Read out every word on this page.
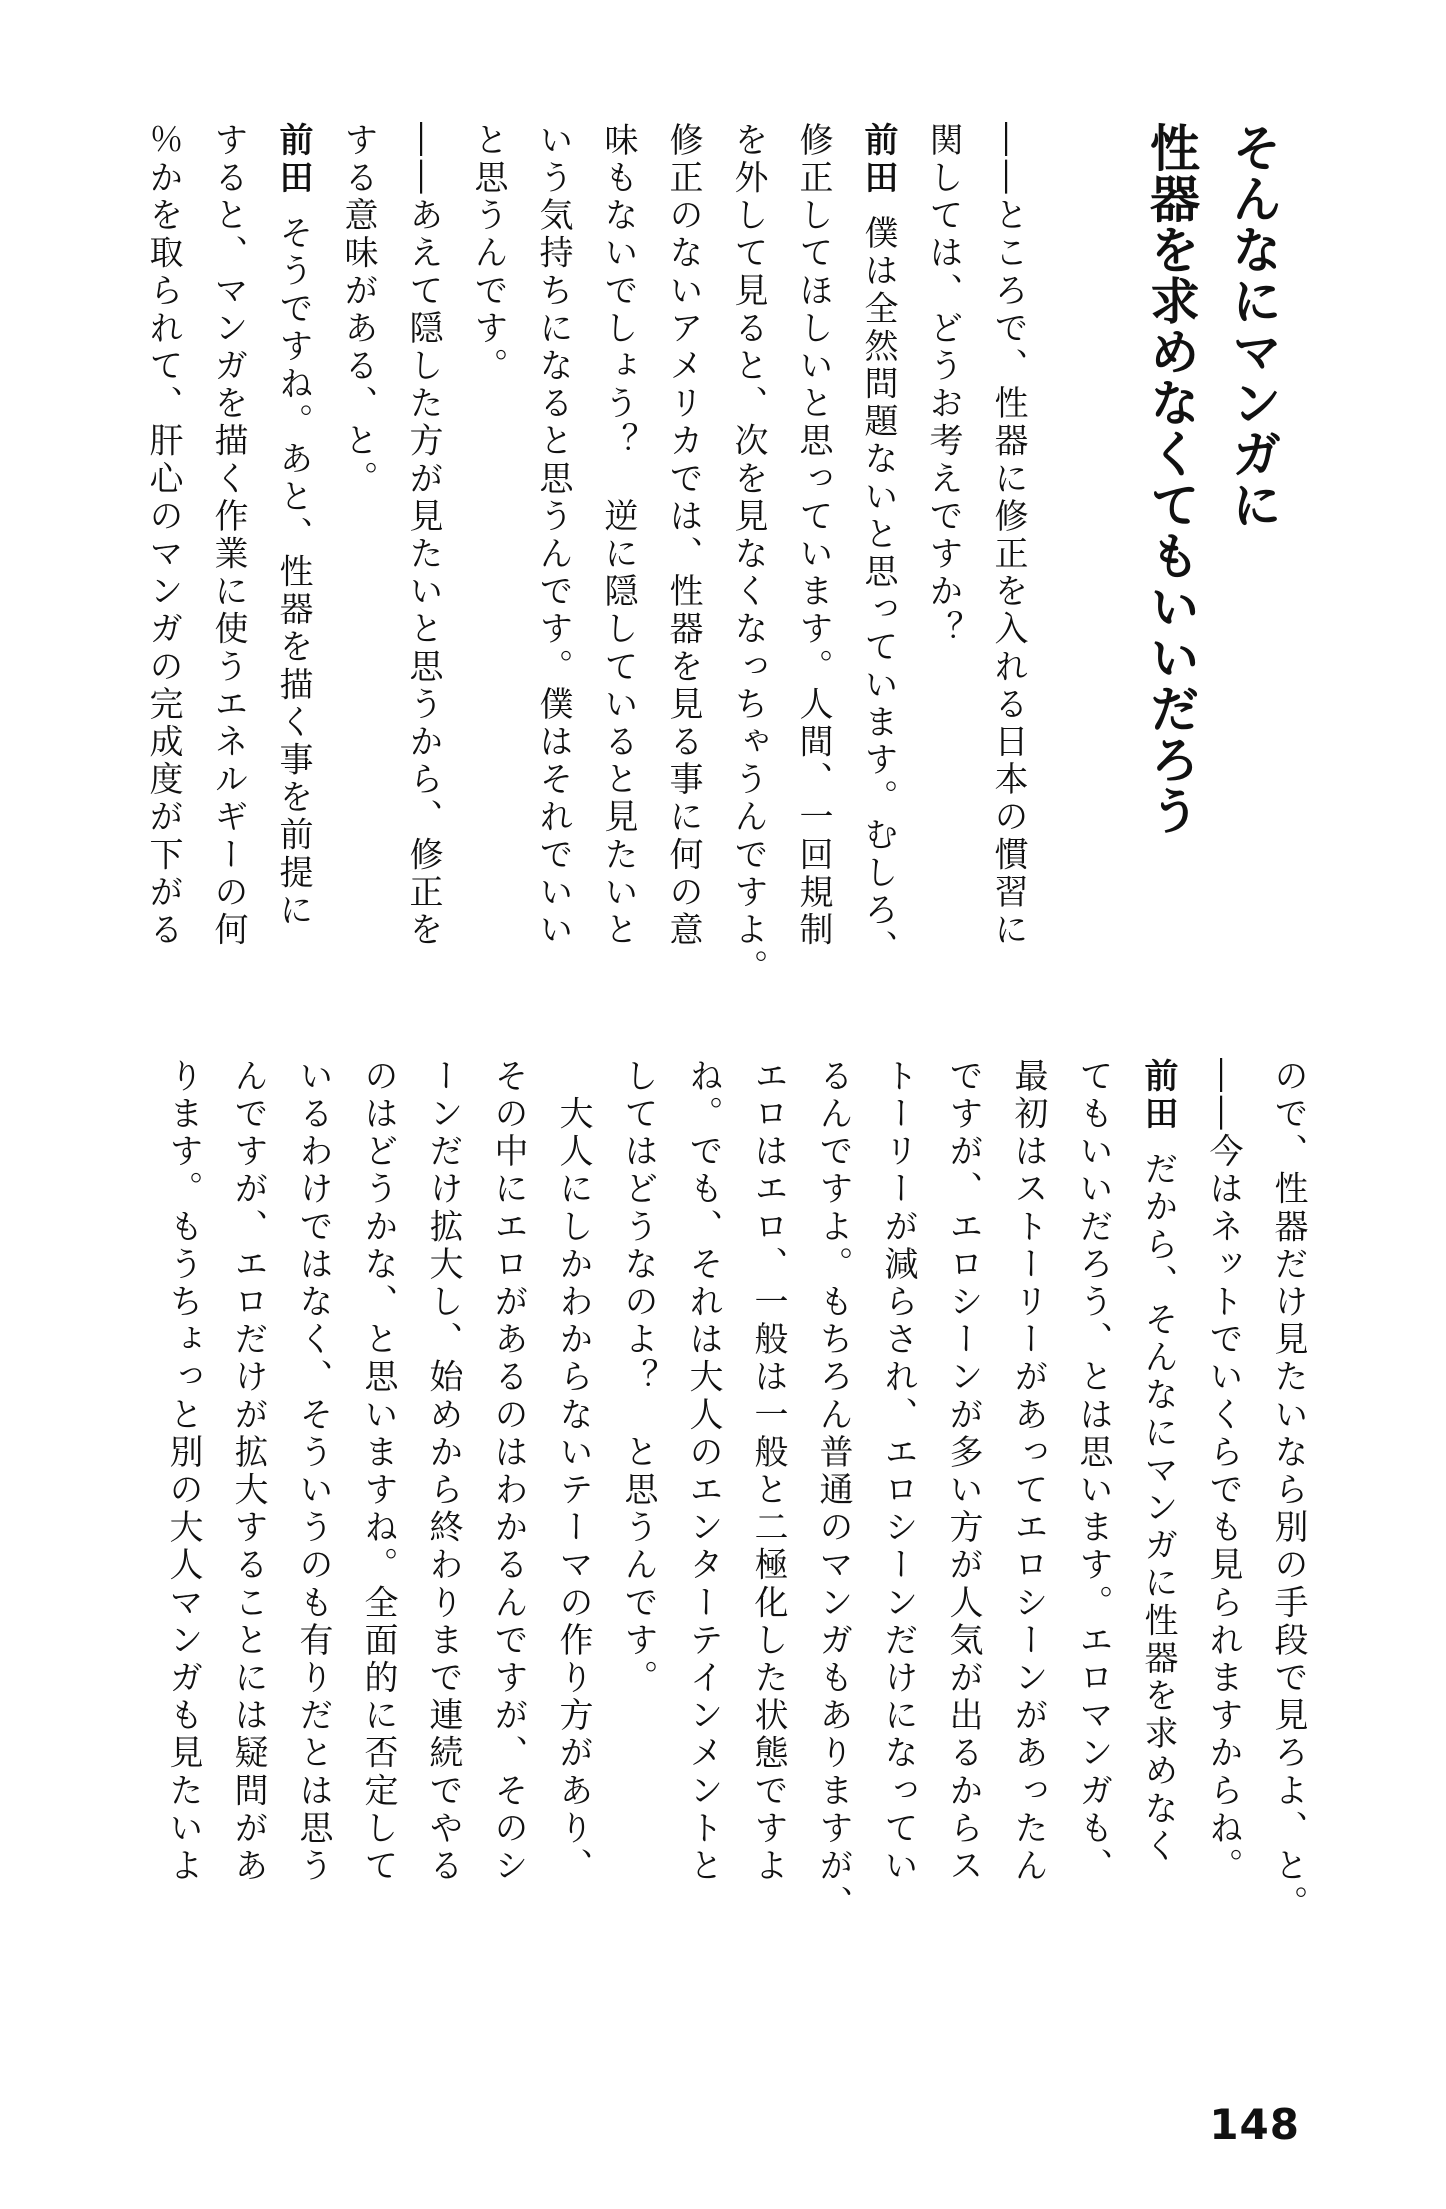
そんなにマンガに
性器を求めなくてもいいだろう
――ところで、性器に修正を入れる日本の慣習に
関しては、どうお考えですか？
前田僕は全然問題ないと思っています。むしろ、
修正してほしいと思っています。人間、一回規制
を外して見ると、次を見なくなっちゃうんですよ。
修正のないアメリカでは、性器を見る事に何の意
味もないでしょう？　逆に隠していると見たいと
いう気持ちになると思うんです。僕はそれでいい
と思うんです。
――あえて隠した方が見たいと思うから、修正を
する意味がある、と。
前田そうですね。あと、性器を描く事を前提に
すると、マンガを描く作業に使うエネルギーの何
％かを取られて、肝心のマンガの完成度が下がる
ので、性器だけ見たいなら別の手段で見ろよ、と。
――今はネットでいくらでも見られますからね。
前田だから、そんなにマンガに性器を求めなく
てもいいだろう、とは思います。エロマンガも、
最初はストーリーがあってエロシーンがあったん
ですが、エロシーンが多い方が人気が出るからス
トーリーが減らされ、エロシーンだけになってい
るんですよ。もちろん普通のマンガもありますが、
エロはエロ、一般は一般と二極化した状態ですよ
ね。でも、それは大人のエンターテインメントと
してはどうなのよ？　と思うんです。
　大人にしかわからないテーマの作り方があり、
その中にエロがあるのはわかるんですが、そのシ
ーンだけ拡大し、始めから終わりまで連続でやる
のはどうかな、と思いますね。全面的に否定して
いるわけではなく、そういうのも有りだとは思う
んですが、エロだけが拡大することには疑問があ
ります。もうちょっと別の大人マンガも見たいよ
148
